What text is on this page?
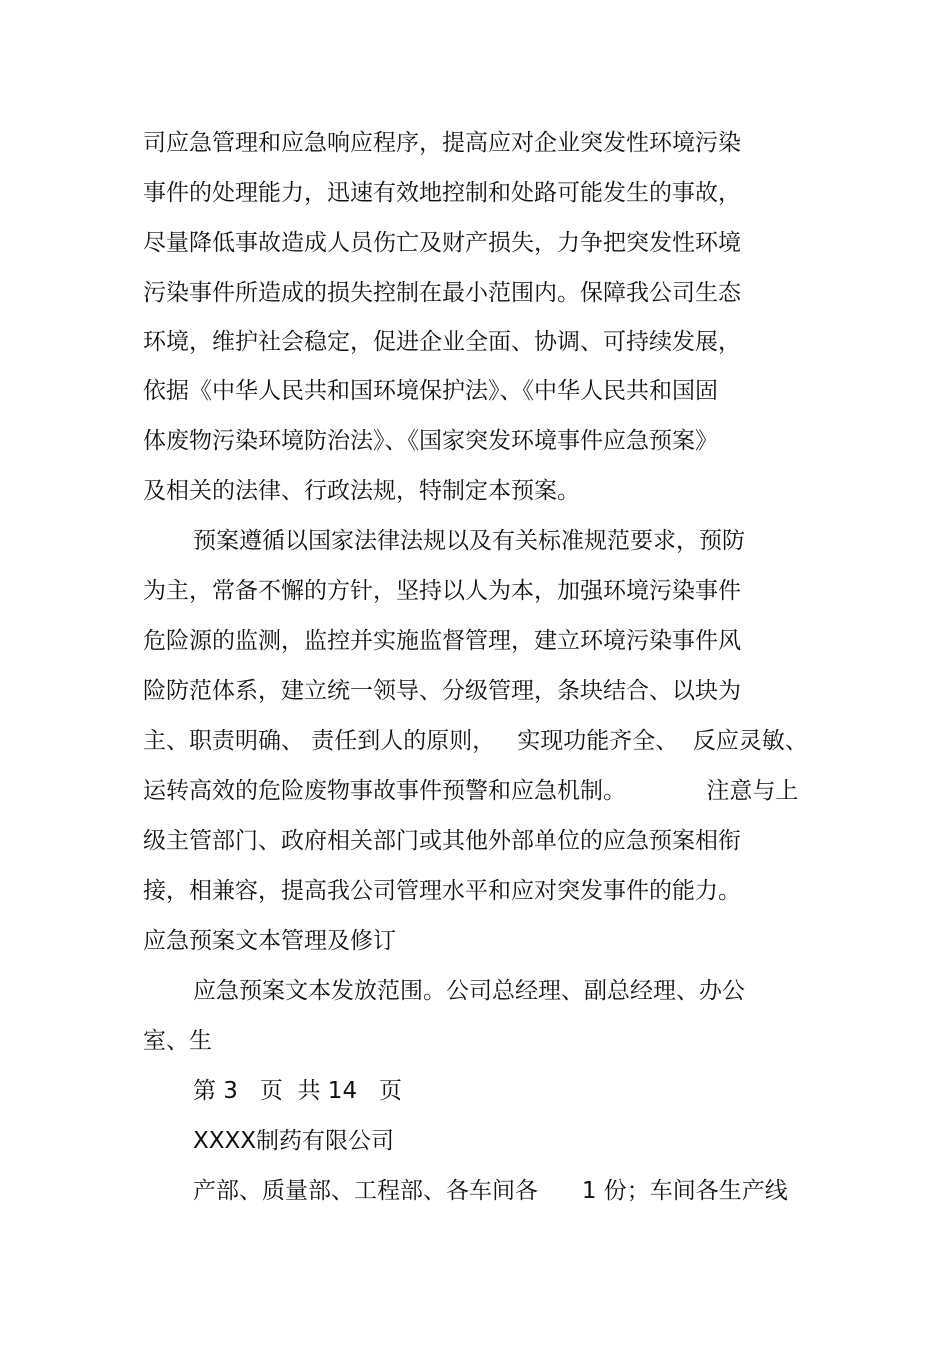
司应急管理和应急响应程序，提高应对企业突发性环境污染
事件的处理能力，迅速有效地控制和处路可能发生的事故，
尽量降低事故造成人员伤亡及财产损失，力争把突发性环境
污染事件所造成的损失控制在最小范围内。保障我公司生态
环境，维护社会稳定，促进企业全面、协调、可持续发展，
依据《中华人民共和国环境保护法》、《中华人民共和国固
体废物污染环境防治法》、《国家突发环境事件应急预案》
及相关的法律、行政法规，特制定本预案。
预案遵循以国家法律法规以及有关标准规范要求，预防
为主，常备不懈的方针，坚持以人为本，加强环境污染事件
危险源的监测，监控并实施监督管理，建立环境污染事件风
险防范体系，建立统一领导、分级管理，条块结合、以块为
主、职责明确、 责任到人的原则，   实现功能齐全、  反应灵敏、
运转高效的危险废物事故事件预警和应急机制。           注意与上
级主管部门、政府相关部门或其他外部单位的应急预案相衔
接，相兼容，提高我公司管理水平和应对突发事件的能力。
应急预案文本管理及修订
应急预案文本发放范围。公司总经理、副总经理、办公
室、生
第 3   页  共 14   页
XXXX制药有限公司
产部、质量部、工程部、各车间各      1 份；车间各生产线
